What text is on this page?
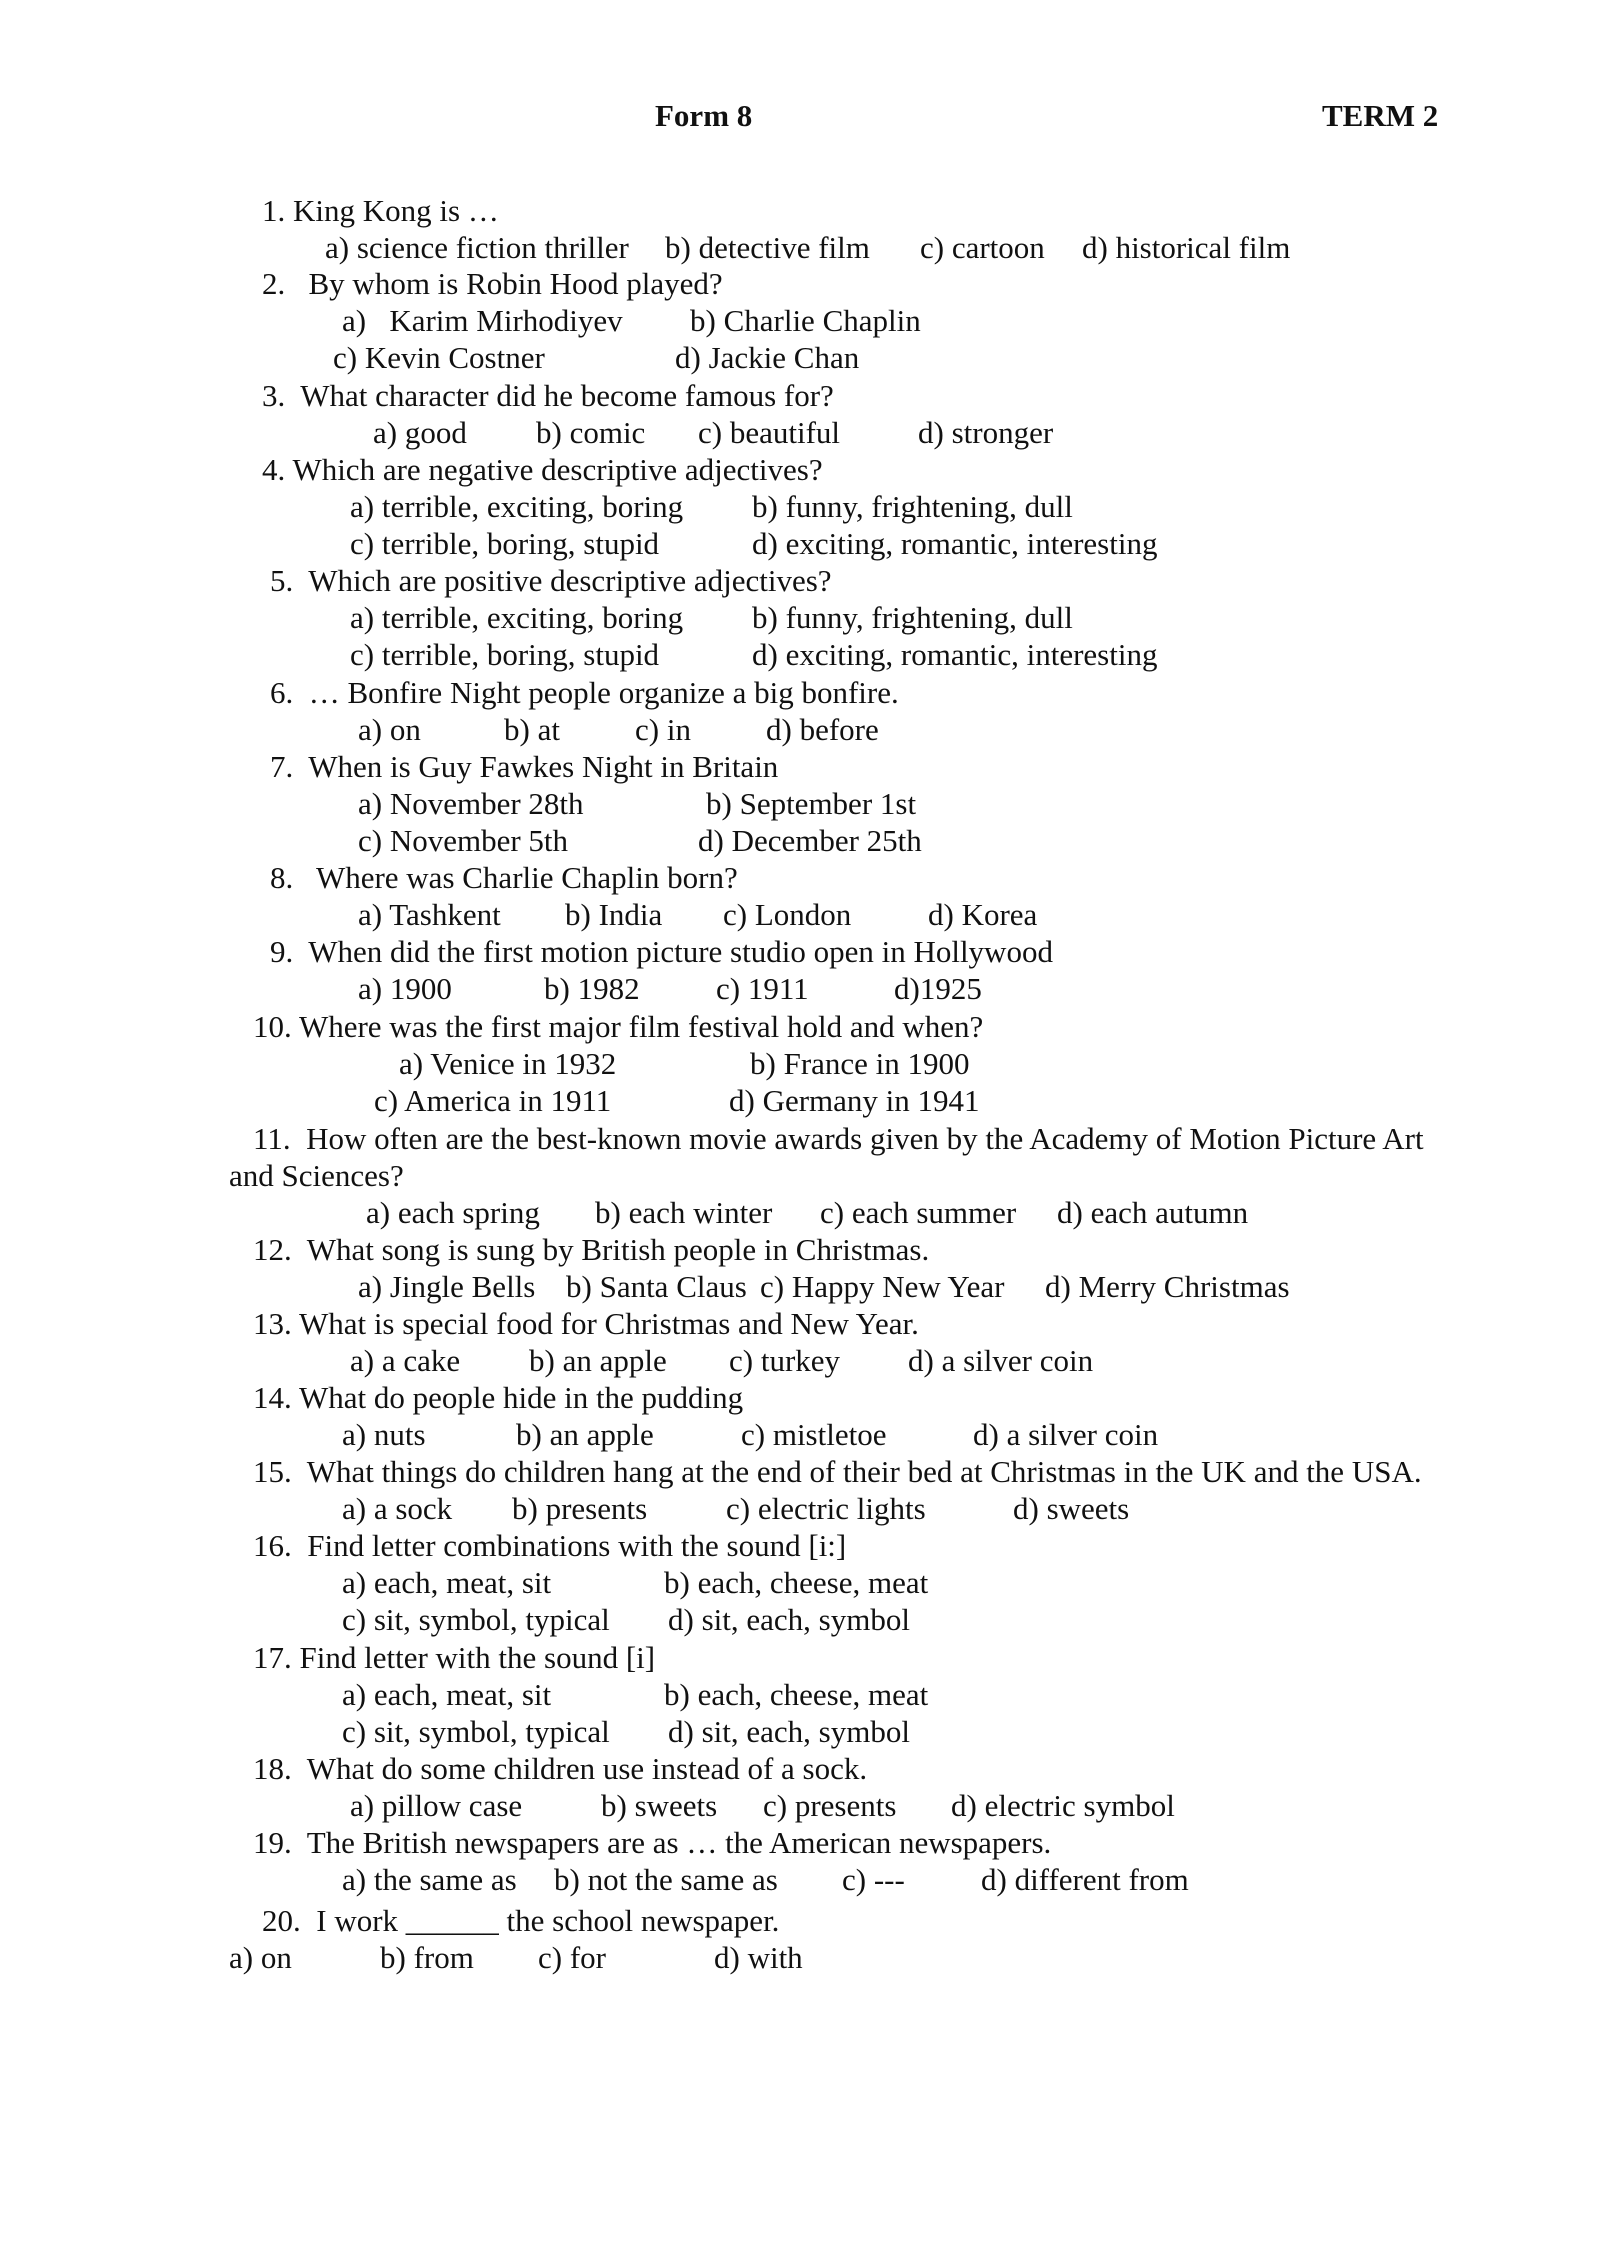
Form 8	TERM 2
1. King Kong is …
a) science fiction thriller b) detective film c) cartoon d) historical film
2.   By whom is Robin Hood played?
a)   Karim Mirhodiyev b) Charlie Chaplin
c) Kevin Costner	d) Jackie Chan
3.  What character did he become famous for?
a) good b) comic c) beautiful	d) stronger
4. Which are negative descriptive adjectives?
a) terrible, exciting, boring b) funny, frightening, dull
c) terrible, boring, stupid	d) exciting, romantic, interesting
5.  Which are positive descriptive adjectives?
a) terrible, exciting, boring b) funny, frightening, dull
c) terrible, boring, stupid	d) exciting, romantic, interesting
6.  … Bonfire Night people organize a big bonfire.
a) on	b) at c) in d) before
7.  When is Guy Fawkes Night in Britain
a) November 28th	b) September 1st
c) November 5th	d) December 25th
8.   Where was Charlie Chaplin born?
a) Tashkent b) India c) London d) Korea
9.  When did the first motion picture studio open in Hollywood
a) 1900	b) 1982 c) 1911	d)1925
10. Where was the first major film festival hold and when?
a) Venice in 1932	b) France in 1900
c) America in 1911	d) Germany in 1941
11.  How often are the best-known movie awards given by the Academy of Motion Picture Art
and Sciences?
a) each spring b) each winter c) each summer d) each autumn
12.  What song is sung by British people in Christmas.
a) Jingle Bells b) Santa Claus c) Happy New Year d) Merry Christmas
13. What is special food for Christmas and New Year.
a) a cake b) an apple c) turkey d) a silver coin
14. What do people hide in the pudding
a) nuts	b) an apple	c) mistletoe	d) a silver coin
15.  What things do children hang at the end of their bed at Christmas in the UK and the USA.
a) a sock b) presents	c) electric lights	d) sweets
16.  Find letter combinations with the sound [i:]
a) each, meat, sit	b) each, cheese, meat
c) sit, symbol, typical d) sit, each, symbol
17. Find letter with the sound [i]
a) each, meat, sit	b) each, cheese, meat
c) sit, symbol, typical d) sit, each, symbol
18.  What do some children use instead of a sock.
a) pillow case	b) sweets c) presents d) electric symbol
19.  The British newspapers are as … the American newspapers.
a) the same as b) not the same as c) --- d) different from
20.  I work ______ the school newspaper.
a) on	b) from c) for	d) with
